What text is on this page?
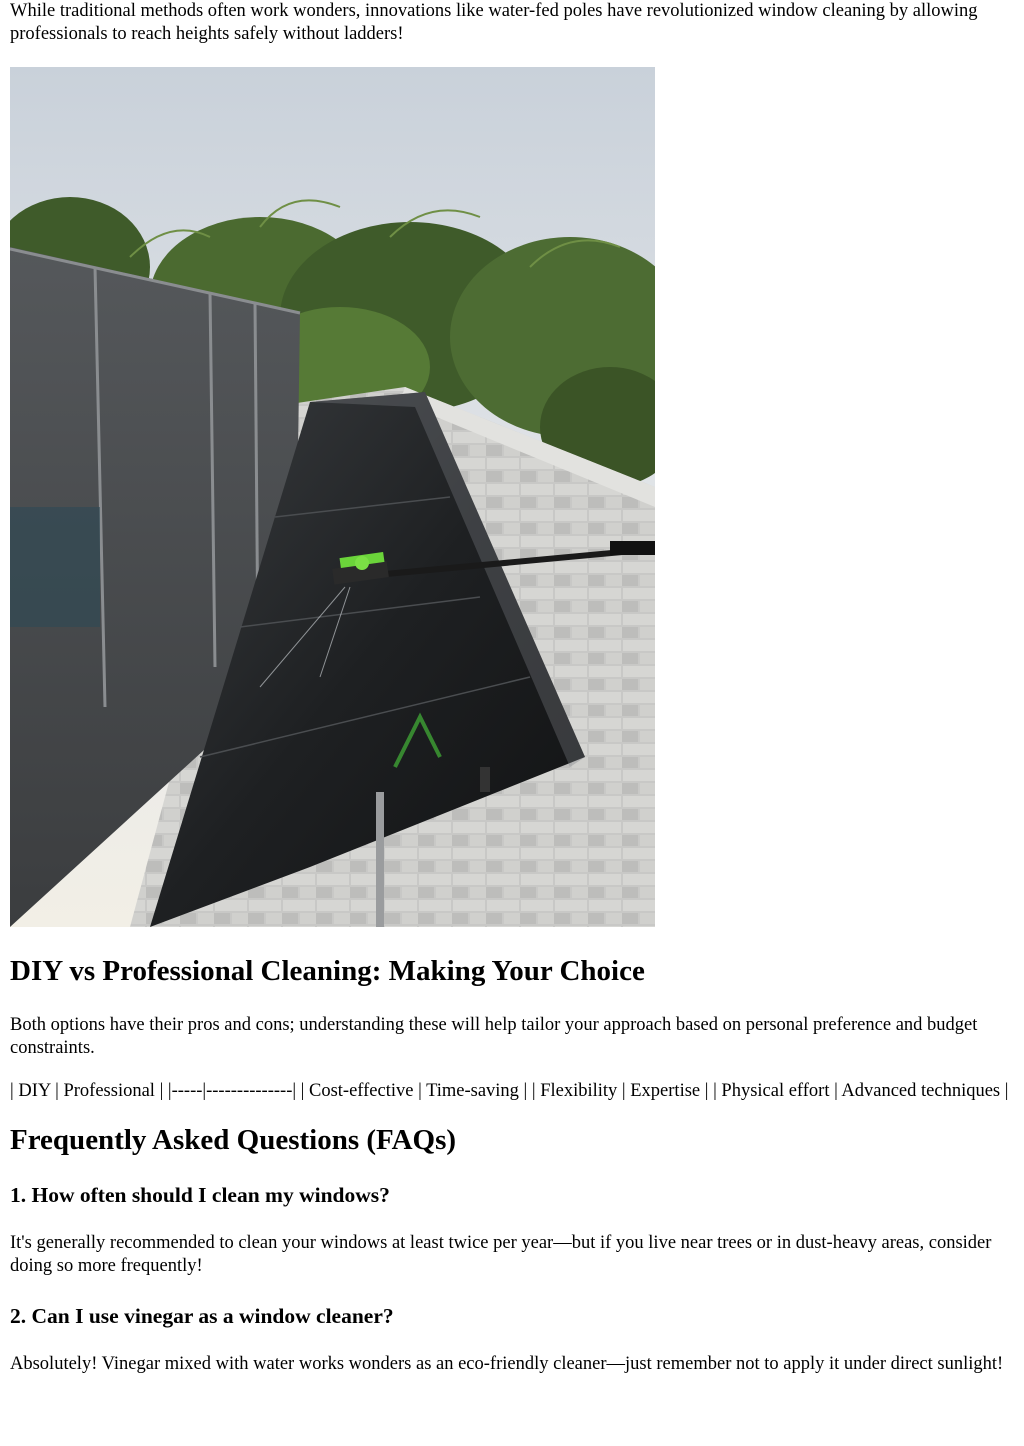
While traditional methods often work wonders, innovations like water-fed poles have revolutionized window cleaning by allowing professionals to reach heights safely without ladders!

DIY vs Professional Cleaning: Making Your Choice

Both options have their pros and cons; understanding these will help tailor your approach based on personal preference and budget constraints.

| DIY | Professional | |-----|--------------| | Cost-effective | Time-saving | | Flexibility | Expertise | | Physical effort | Advanced techniques |

Frequently Asked Questions (FAQs)
1. How often should I clean my windows?

It's generally recommended to clean your windows at least twice per year—but if you live near trees or in dust-heavy areas, consider doing so more frequently!

2. Can I use vinegar as a window cleaner?

Absolutely! Vinegar mixed with water works wonders as an eco-friendly cleaner—just remember not to apply it under direct sunlight!
